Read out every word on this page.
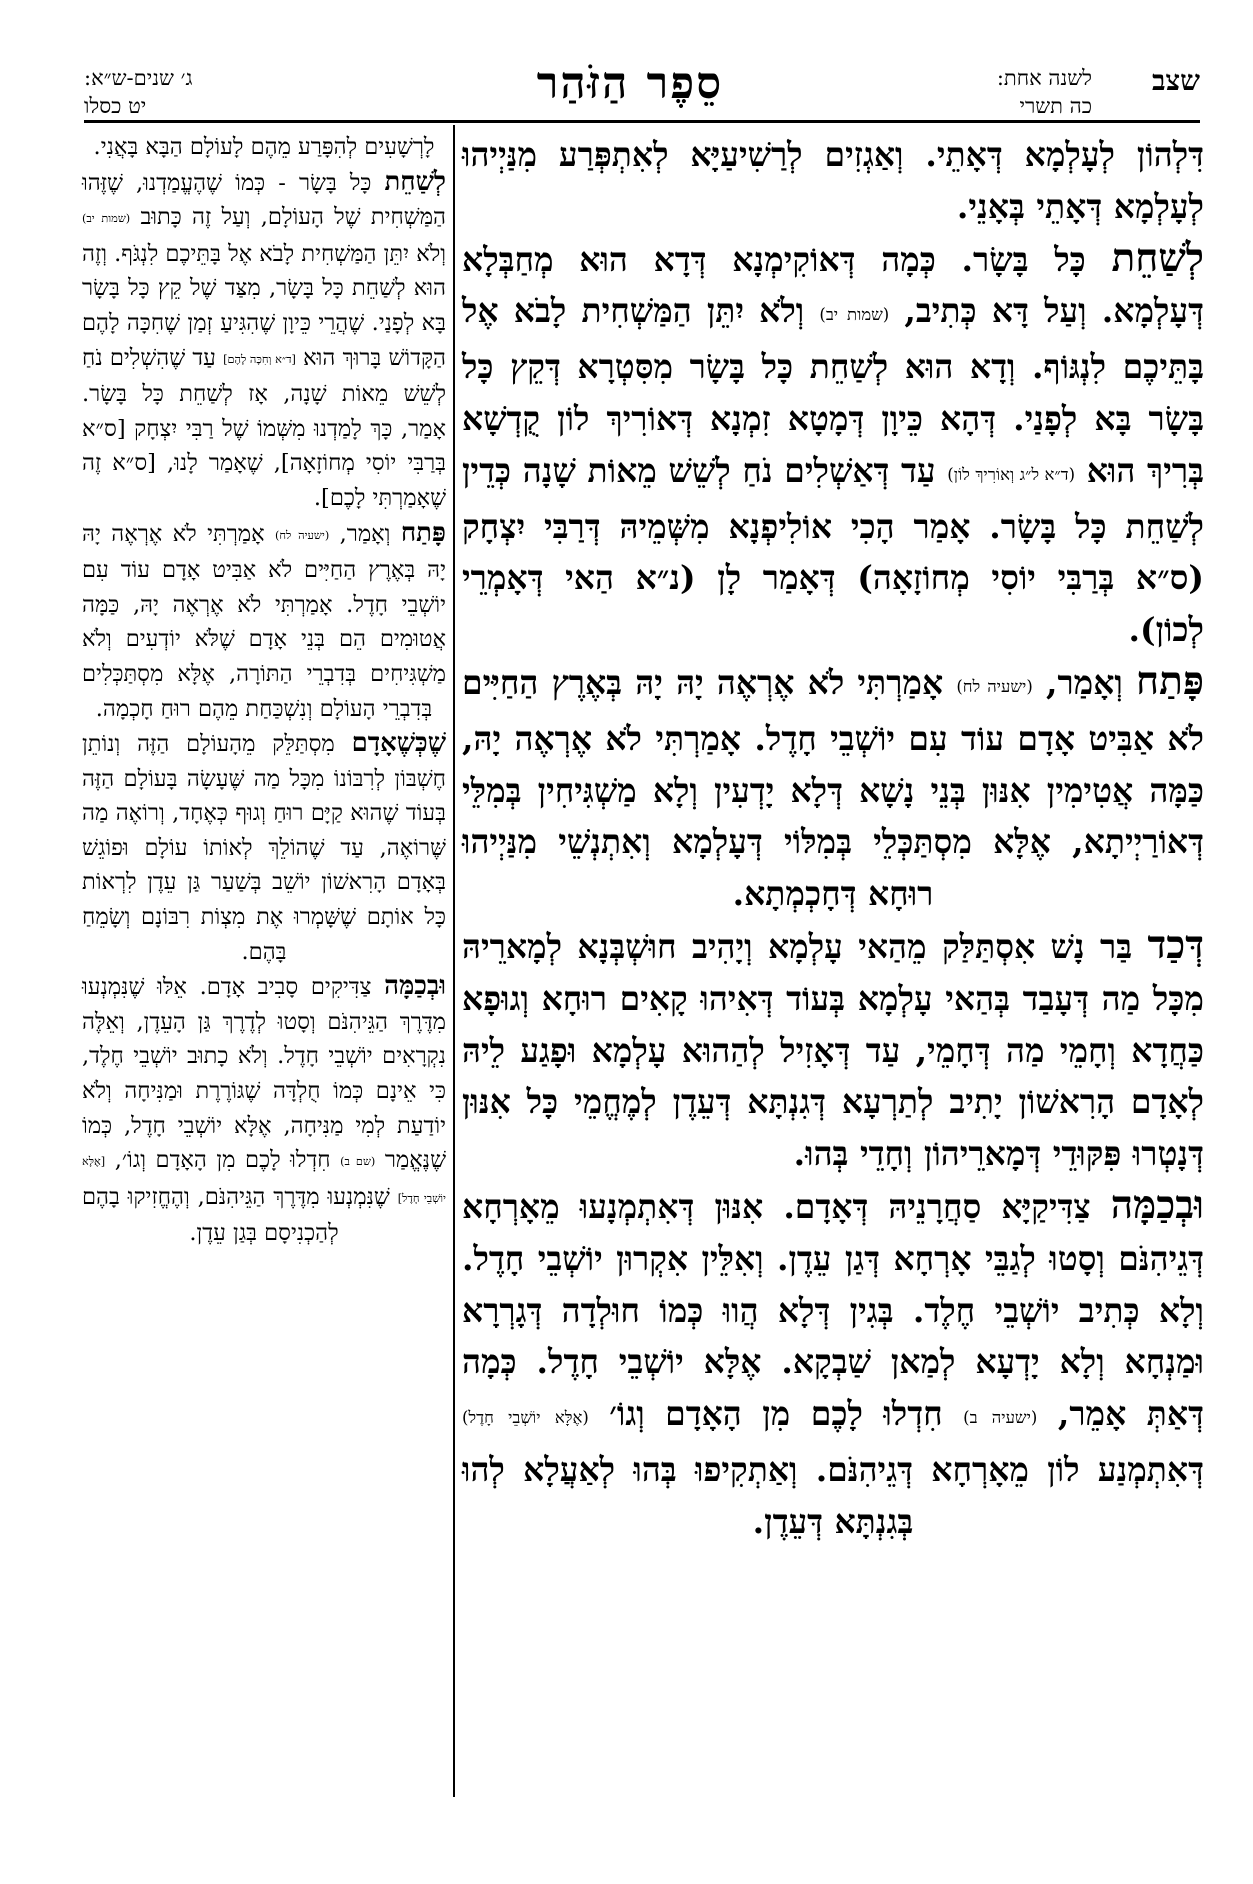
שצב
לשנה אחת:
כה תשרי
סֵפֶר הַזֹּהַר
ג׳ שנים-ש״א:
יט כסלו

דִּלְהוֹן לְעָלְמָא דְּאָתֵי. וְאַגְזִים לְרַשִׁיעַיָּא לְאִתְפְּרַע מִנַּיְיהוּ לְעָלְמָא דְּאָתֵי בְּאָנֵי.

לְשַׁחֵת כָּל בָּשָׂר. כְּמָה דְּאוֹקִימְנָא דְּדָא הוּא מְחַבְּלָא דְּעָלְמָא. וְעַל דָּא כְּתִיב, (שמות יב) וְלֹא יִתֵּן הַמַּשְׁחִית לָבֹא אֶל בָּתֵּיכֶם לִנְגּוֹף. וְדָא הוּא לְשַׁחֵת כָּל בָּשָׂר מִסִּטְרָא דְּקֵץ כָּל בָּשָׂר בָּא לְפָנַי. דְּהָא כֵּיוָן דְּמָטָא זִמְנָא דְּאוֹרִיךְ לוֹן קֻדְשָׁא בְּרִיךְ הוּא (ד״א ל״ג וְאוֹרִיךְ לוֹן) עַד דְּאַשְׁלִים נֹחַ לְשֵׁשׁ מֵאוֹת שָׁנָה כְּדֵין לְשַׁחֵת כָּל בָּשָׂר. אָמַר הָכִי אוֹלִיפְנָא מִשְּׁמֵיהּ דְּרַבִּי יִצְחָק (ס״א בְּרַבִּי יוֹסִי מְחוֹזָאָה) דְּאָמַר לָן (נ״א הַאי דְּאָמְרֵי לְכוֹן).

פָּתַח וְאָמַר, (ישעיה לח) אָמַרְתִּי לֹא אֶרְאֶה יָהּ יָהּ בְּאֶרֶץ הַחַיִּים לֹא אַבִּיט אָדָם עוֹד עִם יוֹשְׁבֵי חָדֶל. אָמַרְתִּי לֹא אֶרְאֶה יָהּ, כַּמָּה אֲטִימִין אִנּוּן בְּנֵי נָשָׁא דְּלָא יָדְעִין וְלָא מַשְׁגִּיחִין בְּמִלֵּי דְּאוֹרַיְיתָא, אֶלָּא מִסְתַּכְּלֵי בְּמִלּוֹי דְּעָלְמָא וְאִתְנְשֵׁי מִנַּיְיהוּ רוּחָא דְּחָכְמְתָא.

דְּכַד בַּר נָשׁ אִסְתַּלַּק מֵהַאי עָלְמָא וְיָהִיב חוּשְׁבְּנָא לְמָארֵיהּ מִכָּל מַה דְּעָבַד בְּהַאי עָלְמָא בְּעוֹד דְּאִיהוּ קָאִים רוּחָא וְגוּפָא כַּחֲדָא וְחָמֵי מַה דְּחָמֵי, עַד דְּאָזִיל לְהַהוּא עָלְמָא וּפָגַע לֵיהּ לְאָדָם הָרִאשׁוֹן יָתִיב לְתַרְעָא דְּגִנְתָּא דְּעֵדֶן לְמֶחֱמֵי כָּל אִנּוּן דְּנָטְרוּ פִּקּוּדֵי דְּמָארֵיהוֹן וְחָדֵי בְּהוּ.

וּבְכַמָּה צַדִּיקַיָּא סַחֲרָנֵיהּ דְּאָדָם. אִנּוּן דְּאִתְמְנָעוּ מֵאָרְחָא דְּגֵיהִנֹּם וְסָטוּ לְגַבֵּי אָרְחָא דְּגַן עֵדֶן. וְאִלֵּין אִקְרוּן יוֹשְׁבֵי חָדֶל. וְלָא כְּתִיב יוֹשְׁבֵי חֶלֶד. בְּגִין דְּלָא הֲווּ כְּמוֹ חוּלְדָה דְּגָרְרָא וּמַנְחָא וְלָא יָדְעָא לְמַאן שַׁבְקָא. אֶלָּא יוֹשְׁבֵי חָדֶל. כְּמָה דְּאַתְּ אָמֵר, (ישעיה ב) חִדְלוּ לָכֶם מִן הָאָדָם וְגוֹ׳ (אֶלָּא יוֹשְׁבֵי חָדֶל) דְּאִתְמְנַע לוֹן מֵאָרְחָא דְּגֵיהִנֹּם. וְאַתְקִיפוּ בְּהוּ לְאַעֲלָא לְהוּ בְּגִנְתָּא דְּעֵדֶן.

לָרְשָׁעִים לְהִפָּרַע מֵהֶם לָעוֹלָם הַבָּא בָּאֲנִי.

לְשַׁחֵת כָּל בָּשָׂר - כְּמוֹ שֶׁהֶעֱמַדְנוּ, שֶׁזֶּהוּ הַמַּשְׁחִית שֶׁל הָעוֹלָם, וְעַל זֶה כָּתוּב (שמות יב) וְלֹא יִתֵּן הַמַּשְׁחִית לָבֹא אֶל בָּתֵּיכֶם לִנְגֹּף. וְזֶה הוּא לְשַׁחֵת כָּל בָּשָׂר, מִצַּד שֶׁל קֵץ כָּל בָּשָׂר בָּא לְפָנַי. שֶׁהֲרֵי כֵּיוָן שֶׁהִגִּיעַ זְמַן שֶׁחִכָּה לָהֶם הַקָּדוֹשׁ בָּרוּךְ הוּא [ד״א וְחִכָּה לָהֶם] עַד שֶׁהִשְׁלִים נֹחַ לְשֵׁשׁ מֵאוֹת שָׁנָה, אָז לְשַׁחֵת כָּל בָּשָׂר. אָמַר, כָּךְ לָמַדְנוּ מִשְּׁמוֹ שֶׁל רַבִּי יִצְחָק [ס״א בְּרַבִּי יוֹסִי מְחוֹזָאָה], שֶׁאָמַר לָנוּ, [ס״א זֶה שֶׁאָמַרְתִּי לָכֶם].

פָּתַח וְאָמַר, (ישעיה לח) אָמַרְתִּי לֹא אֶרְאֶה יָהּ יָהּ בְּאֶרֶץ הַחַיִּים לֹא אַבִּיט אָדָם עוֹד עִם יוֹשְׁבֵי חָדֶל. אָמַרְתִּי לֹא אֶרְאֶה יָהּ, כַּמָּה אֲטוּמִים הֵם בְּנֵי אָדָם שֶׁלֹּא יוֹדְעִים וְלֹא מַשְׁגִּיחִים בְּדִבְרֵי הַתּוֹרָה, אֶלָּא מִסְתַּכְּלִים בְּדִבְרֵי הָעוֹלָם וְנִשְׁכַּחַת מֵהֶם רוּחַ חָכְמָה.

שֶׁכְּשֶׁאָדָם מִסְתַּלֵּק מֵהָעוֹלָם הַזֶּה וְנוֹתֵן חֶשְׁבּוֹן לְרִבּוֹנוֹ מִכָּל מַה שֶּׁעָשָׂה בָּעוֹלָם הַזֶּה בְּעוֹד שֶׁהוּא קַיָּם רוּחַ וְגוּף כְּאֶחָד, וְרוֹאֶה מַה שֶּׁרוֹאֶה, עַד שֶׁהוֹלֵךְ לְאוֹתוֹ עוֹלָם וּפוֹגֵשׁ בְּאָדָם הָרִאשׁוֹן יוֹשֵׁב בְּשַׁעַר גַּן עֵדֶן לִרְאוֹת כָּל אוֹתָם שֶׁשָּׁמְרוּ אֶת מִצְוֹת רִבּוֹנָם וְשָׂמֵחַ בָּהֶם.

וּבְכַמָּה צַדִּיקִים סָבִיב אָדָם. אֵלּוּ שֶׁנִּמְנְעוּ מִדֶּרֶךְ הַגֵּיהִנֹּם וְסָטוּ לְדֶרֶךְ גַּן הָעֵדֶן, וְאֵלֶּה נִקְרָאִים יוֹשְׁבֵי חָדֶל. וְלֹא כָתוּב יוֹשְׁבֵי חֶלֶד, כִּי אֵינָם כְּמוֹ חֻלְדָּה שֶׁגּוֹרֶרֶת וּמַנִּיחָה וְלֹא יוֹדַעַת לְמִי מַנִּיחָה, אֶלָּא יוֹשְׁבֵי חָדֶל, כְּמוֹ שֶׁנֶּאֱמַר (שם ב) חִדְלוּ לָכֶם מִן הָאָדָם וְגוֹ׳, [אֶלָּא יוֹשְׁבֵי חָדֶל] שֶׁנִּמְנְעוּ מִדֶּרֶךְ הַגֵּיהִנֹּם, וְהֶחֱזִיקוּ בָהֶם לְהַכְנִיסָם בְּגַן עֵדֶן.
